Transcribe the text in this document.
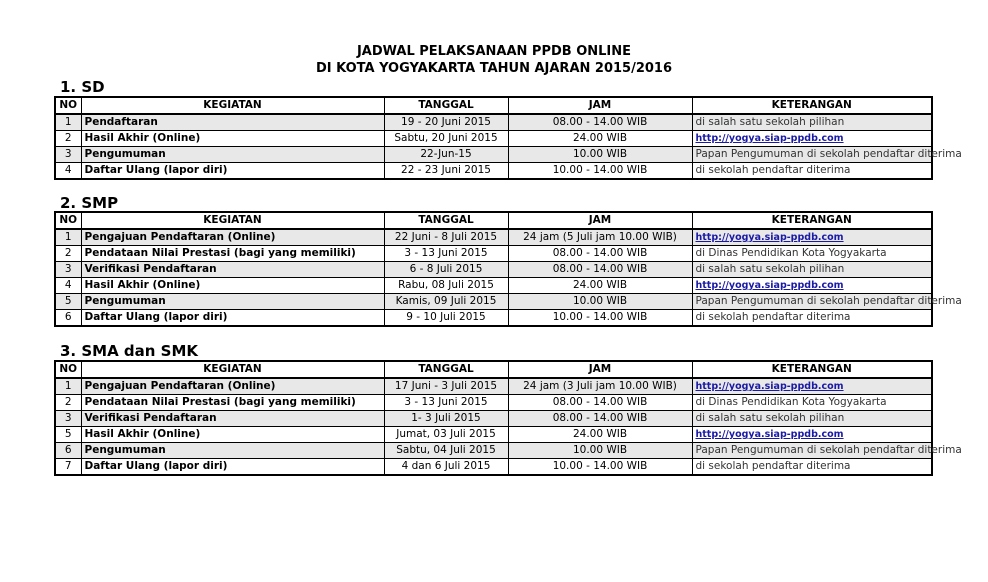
JADWAL PELAKSANAAN PPDB ONLINE
DI KOTA YOGYAKARTA TAHUN AJARAN 2015/2016
1. SD
NO	KEGIATAN	TANGGAL	JAM	KETERANGAN
1	Pendaftaran	19 - 20 Juni 2015	08.00 - 14.00 WIB	di salah satu sekolah pilihan
2	Hasil Akhir (Online)	Sabtu, 20 Juni 2015	24.00 WIB	http://yogya.siap-ppdb.com
3	Pengumuman	22-Jun-15	10.00 WIB	Papan Pengumuman di sekolah pendaftar diterima
4	Daftar Ulang (lapor diri)	22 - 23 Juni 2015	10.00 - 14.00 WIB	di sekolah pendaftar diterima
2. SMP
NO	KEGIATAN	TANGGAL	JAM	KETERANGAN
1	Pengajuan Pendaftaran (Online)	22 Juni - 8 Juli 2015	24 jam (5 Juli jam 10.00 WIB)	http://yogya.siap-ppdb.com
2	Pendataan Nilai Prestasi (bagi yang memiliki)	3 - 13 Juni 2015	08.00 - 14.00 WIB	di Dinas Pendidikan Kota Yogyakarta
3	Verifikasi Pendaftaran	6 - 8 Juli 2015	08.00 - 14.00 WIB	di salah satu sekolah pilihan
4	Hasil Akhir (Online)	Rabu, 08 Juli 2015	24.00 WIB	http://yogya.siap-ppdb.com
5	Pengumuman	Kamis, 09 Juli 2015	10.00 WIB	Papan Pengumuman di sekolah pendaftar diterima
6	Daftar Ulang (lapor diri)	9 - 10 Juli 2015	10.00 - 14.00 WIB	di sekolah pendaftar diterima
3. SMA dan SMK
NO	KEGIATAN	TANGGAL	JAM	KETERANGAN
1	Pengajuan Pendaftaran (Online)	17 Juni - 3 Juli 2015	24 jam (3 Juli jam 10.00 WIB)	http://yogya.siap-ppdb.com
2	Pendataan Nilai Prestasi (bagi yang memiliki)	3 - 13 Juni 2015	08.00 - 14.00 WIB	di Dinas Pendidikan Kota Yogyakarta
3	Verifikasi Pendaftaran	1- 3 Juli 2015	08.00 - 14.00 WIB	di salah satu sekolah pilihan
5	Hasil Akhir (Online)	Jumat, 03 Juli 2015	24.00 WIB	http://yogya.siap-ppdb.com
6	Pengumuman	Sabtu, 04 Juli 2015	10.00 WIB	Papan Pengumuman di sekolah pendaftar diterima
7	Daftar Ulang (lapor diri)	4 dan 6 Juli 2015	10.00 - 14.00 WIB	di sekolah pendaftar diterima
